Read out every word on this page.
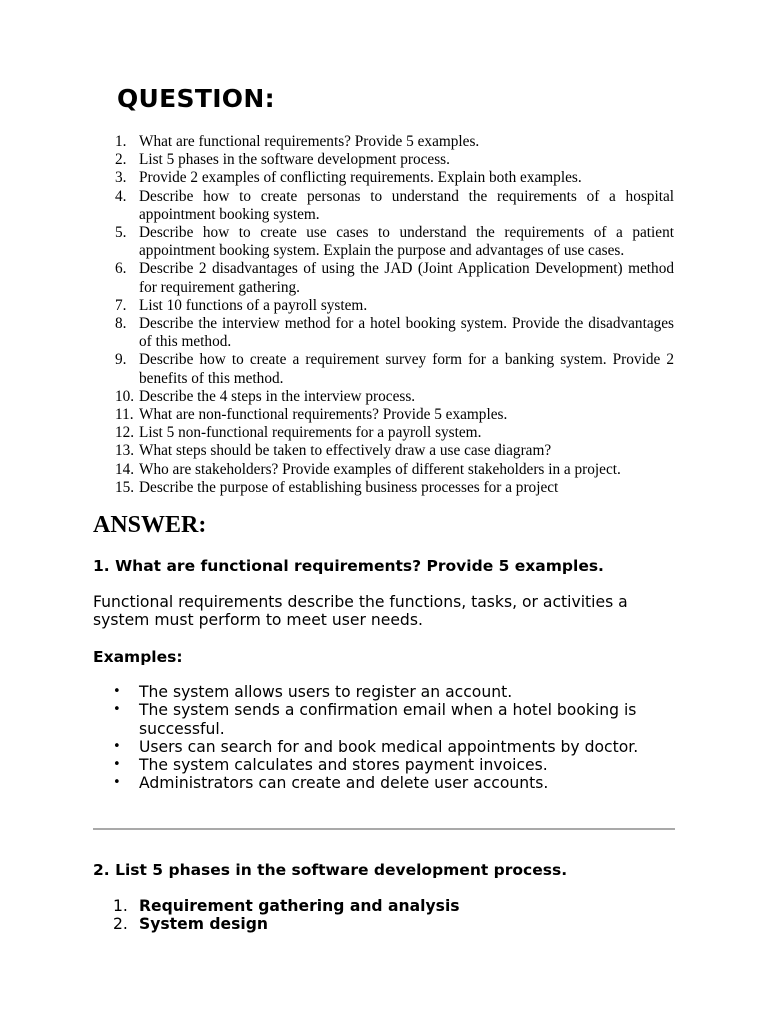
QUESTION:
1. What are functional requirements? Provide 5 examples.
2. List 5 phases in the software development process.
3. Provide 2 examples of conflicting requirements. Explain both examples.
4. Describe how to create personas to understand the requirements of a hospital appointment booking system.
5. Describe how to create use cases to understand the requirements of a patient appointment booking system. Explain the purpose and advantages of use cases.
6. Describe 2 disadvantages of using the JAD (Joint Application Development) method for requirement gathering.
7. List 10 functions of a payroll system.
8. Describe the interview method for a hotel booking system. Provide the disadvantages of this method.
9. Describe how to create a requirement survey form for a banking system. Provide 2 benefits of this method.
10. Describe the 4 steps in the interview process.
11. What are non-functional requirements? Provide 5 examples.
12. List 5 non-functional requirements for a payroll system.
13. What steps should be taken to effectively draw a use case diagram?
14. Who are stakeholders? Provide examples of different stakeholders in a project.
15. Describe the purpose of establishing business processes for a project
ANSWER:
1. What are functional requirements? Provide 5 examples.

Functional requirements describe the functions, tasks, or activities a system must perform to meet user needs.

Examples:

•	The system allows users to register an account.
•	The system sends a confirmation email when a hotel booking is successful.
•	Users can search for and book medical appointments by doctor.
•	The system calculates and stores payment invoices.
•	Administrators can create and delete user accounts.
2. List 5 phases in the software development process.
1. Requirement gathering and analysis
2. System design
